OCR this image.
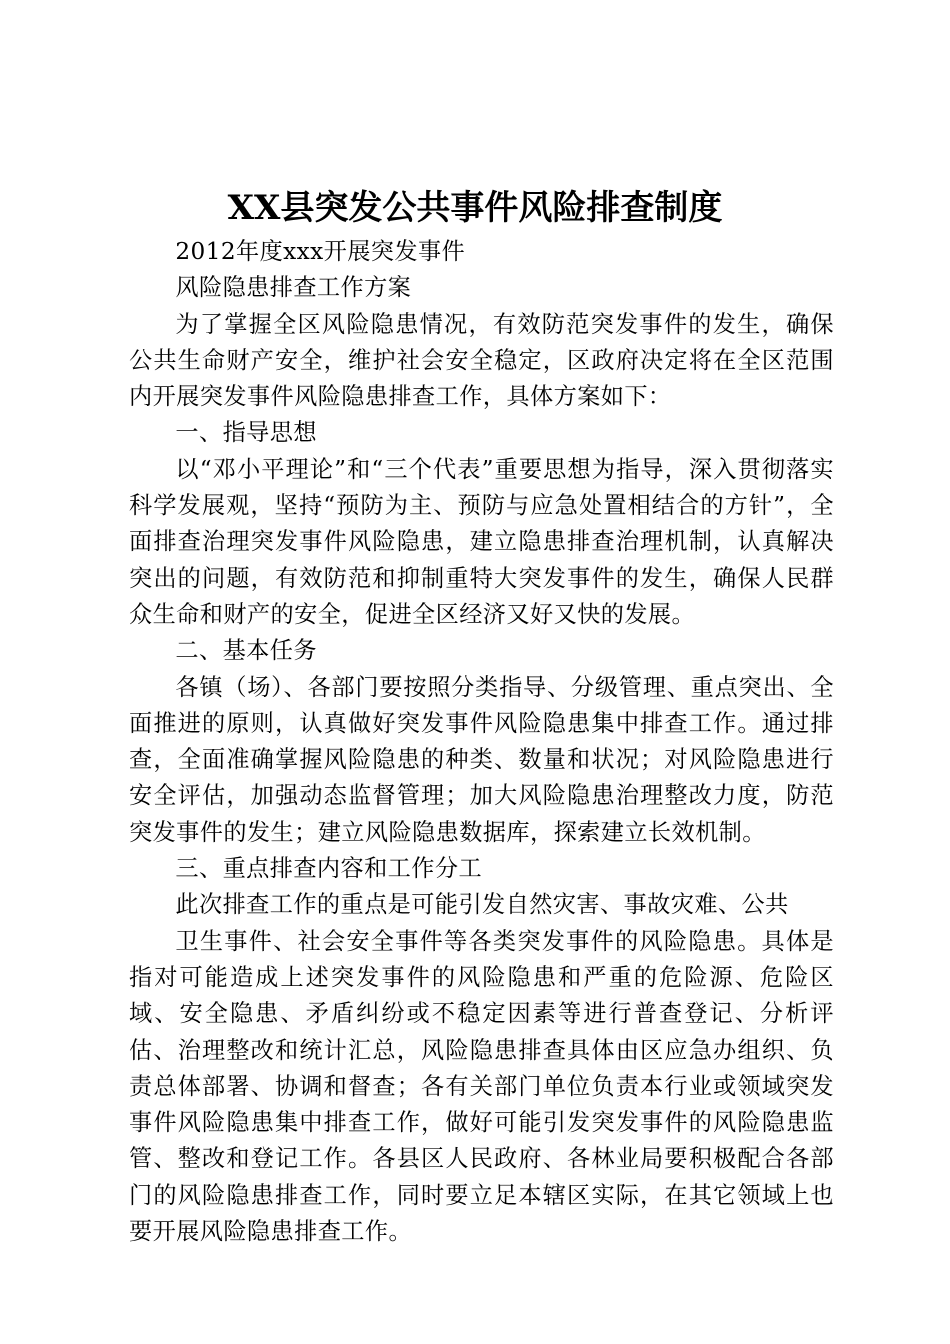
XX县突发公共事件风险排查制度

2012年度xxx开展突发事件

风险隐患排查工作方案

为了掌握全区风险隐患情况，有效防范突发事件的发生，确保公共生命财产安全，维护社会安全稳定，区政府决定将在全区范围内开展突发事件风险隐患排查工作，具体方案如下：

一、指导思想

以“邓小平理论”和“三个代表”重要思想为指导，深入贯彻落实科学发展观，坚持“预防为主、预防与应急处置相结合的方针”，全面排查治理突发事件风险隐患，建立隐患排查治理机制，认真解决突出的问题，有效防范和抑制重特大突发事件的发生，确保人民群众生命和财产的安全，促进全区经济又好又快的发展。

二、基本任务

各镇（场）、各部门要按照分类指导、分级管理、重点突出、全面推进的原则，认真做好突发事件风险隐患集中排查工作。通过排查，全面准确掌握风险隐患的种类、数量和状况；对风险隐患进行安全评估，加强动态监督管理；加大风险隐患治理整改力度，防范突发事件的发生；建立风险隐患数据库，探索建立长效机制。

三、重点排查内容和工作分工

此次排查工作的重点是可能引发自然灾害、事故灾难、公共

卫生事件、社会安全事件等各类突发事件的风险隐患。具体是指对可能造成上述突发事件的风险隐患和严重的危险源、危险区域、安全隐患、矛盾纠纷或不稳定因素等进行普查登记、分析评估、治理整改和统计汇总，风险隐患排查具体由区应急办组织、负责总体部署、协调和督查；各有关部门单位负责本行业或领域突发事件风险隐患集中排查工作，做好可能引发突发事件的风险隐患监管、整改和登记工作。各县区人民政府、各林业局要积极配合各部门的风险隐患排查工作，同时要立足本辖区实际，在其它领域上也要开展风险隐患排查工作。
